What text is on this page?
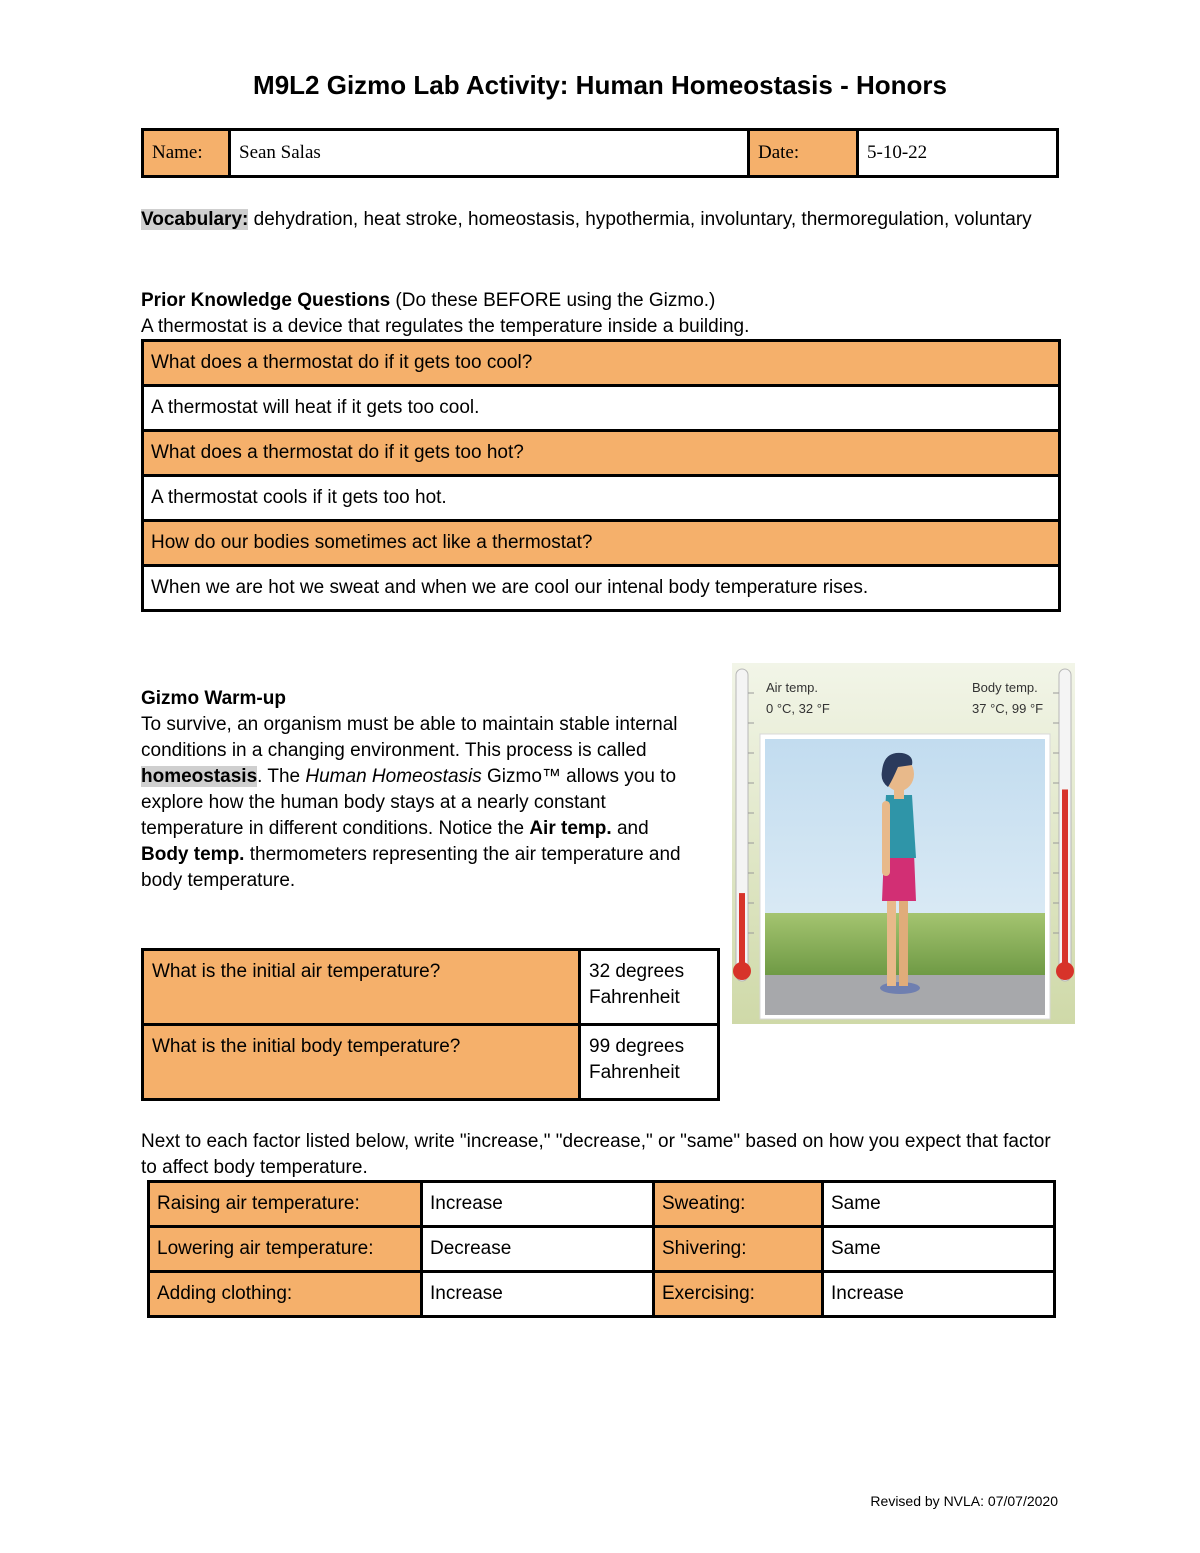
M9L2 Gizmo Lab Activity: Human Homeostasis - Honors
Name:	Sean Salas	Date:	5-10-22
Vocabulary: dehydration, heat stroke, homeostasis, hypothermia, involuntary, thermoregulation, voluntary
Prior Knowledge Questions (Do these BEFORE using the Gizmo.)
A thermostat is a device that regulates the temperature inside a building.
What does a thermostat do if it gets too cool?
A thermostat will heat if it gets too cool.
What does a thermostat do if it gets too hot?
A thermostat cools if it gets too hot.
How do our bodies sometimes act like a thermostat?
When we are hot we sweat and when we are cool our intenal body temperature rises.
Gizmo Warm-up
To survive, an organism must be able to maintain stable internal conditions in a changing environment. This process is called homeostasis. The Human Homeostasis Gizmo™ allows you to explore how the human body stays at a nearly constant temperature in different conditions. Notice the Air temp. and Body temp. thermometers representing the air temperature and body temperature.
Air temp.
0 °C, 32 °F
Body temp.
37 °C, 99 °F
What is the initial air temperature?	32 degrees Fahrenheit
What is the initial body temperature?	99 degrees Fahrenheit
Next to each factor listed below, write "increase," "decrease," or "same" based on how you expect that factor to affect body temperature.
Raising air temperature:	Increase	Sweating:	Same
Lowering air temperature:	Decrease	Shivering:	Same
Adding clothing:	Increase	Exercising:	Increase
Revised by NVLA: 07/07/2020
